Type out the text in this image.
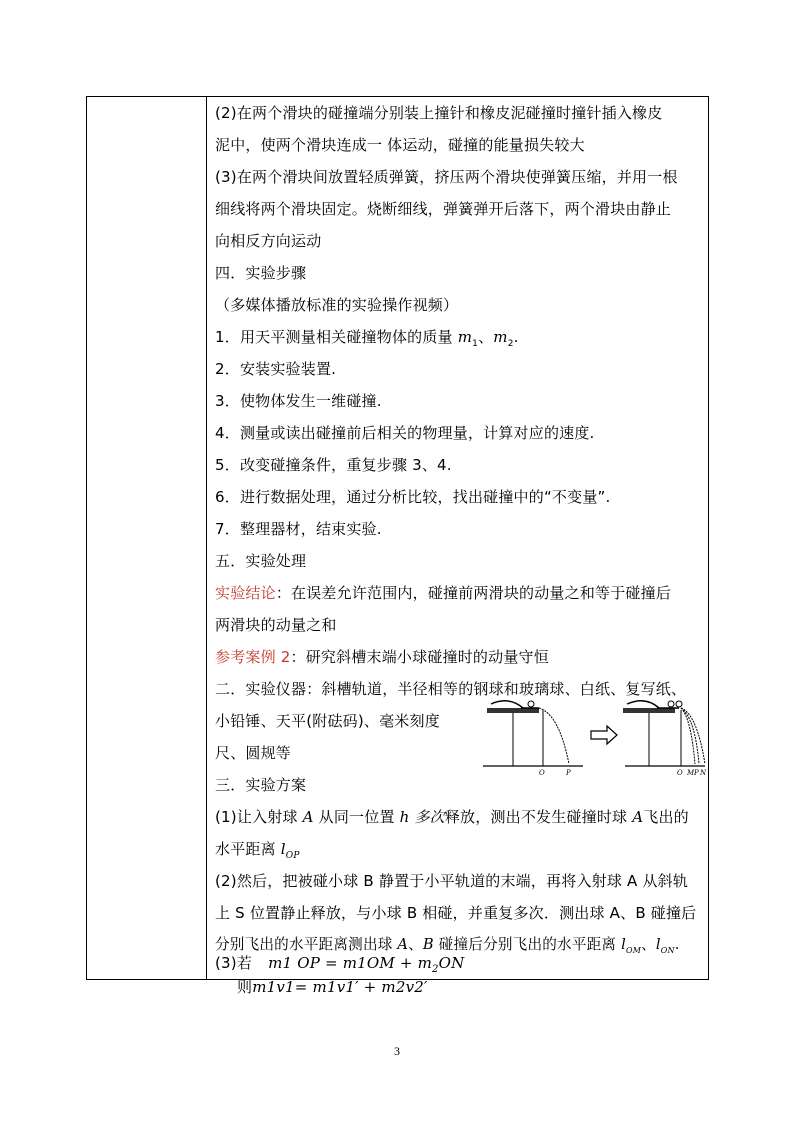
(2)在两个滑块的碰撞端分别装上撞针和橡皮泥碰撞时撞针插入橡皮
泥中，使两个滑块连成一 体运动，碰撞的能量损失较大
(3)在两个滑块间放置轻质弹簧，挤压两个滑块使弹簧压缩，并用一根
细线将两个滑块固定。烧断细线，弹簧弹开后落下，两个滑块由静止
向相反方向运动
四．实验步骤
（多媒体播放标准的实验操作视频）
1．用天平测量相关碰撞物体的质量 $m_1$、$m_2$.
2．安装实验装置.
3．使物体发生一维碰撞.
4．测量或读出碰撞前后相关的物理量，计算对应的速度.
5．改变碰撞条件，重复步骤 3、4.
6．进行数据处理，通过分析比较，找出碰撞中的“不变量”.
7．整理器材，结束实验.
五．实验处理
实验结论：在误差允许范围内，碰撞前两滑块的动量之和等于碰撞后
两滑块的动量之和
参考案例 2：研究斜槽末端小球碰撞时的动量守恒
二．实验仪器：斜槽轨道，半径相等的钢球和玻璃球、白纸、复写纸、
小铅锤、天平(附砝码)、毫米刻度
尺、圆规等
三．实验方案
(1)让入射球 A 从同一位置 h 多次释放，测出不发生碰撞时球 A飞出的
水平距离 $l_{OP}$
(2)然后，把被碰小球 B 静置于小平轨道的末端，再将入射球 A 从斜轨
上 S 位置静止释放，与小球 B 相碰，并重复多次．测出球 A、B 碰撞后
分别飞出的水平距离测出球 A、B 碰撞后分别飞出的水平距离 $l_{OM}$、$l_{ON}$.
(3)若 m1 OP = $m1OM + m_2ON$
则m1v1= m1v1′ + m2v2′
O	P	O M P N
3
